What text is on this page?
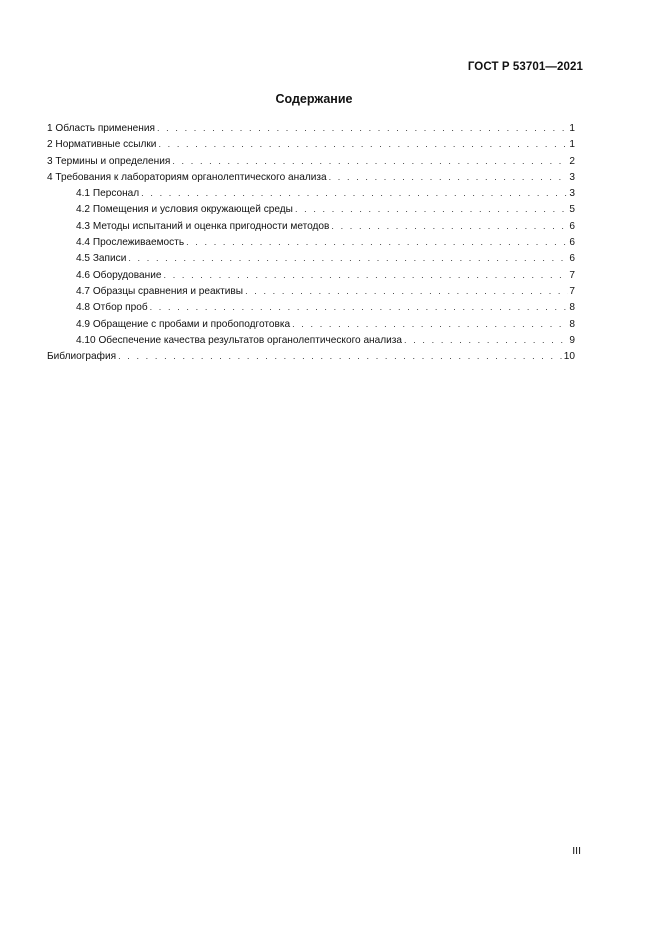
ГОСТ Р 53701—2021
Содержание
1 Область применения . . .	1
2 Нормативные ссылки . . .	1
3 Термины и определения . . .	2
4 Требования к лабораториям органолептического анализа . . .	3
4.1 Персонал . . .	3
4.2 Помещения и условия окружающей среды . . .	5
4.3 Методы испытаний и оценка пригодности методов . . .	6
4.4 Прослеживаемость . . .	6
4.5 Записи . . .	6
4.6 Оборудование . . .	7
4.7 Образцы сравнения и реактивы . . .	7
4.8 Отбор проб . . .	8
4.9 Обращение с пробами и пробоподготовка . . .	8
4.10 Обеспечение качества результатов органолептического анализа . . .	9
Библиография . . .	10
III
